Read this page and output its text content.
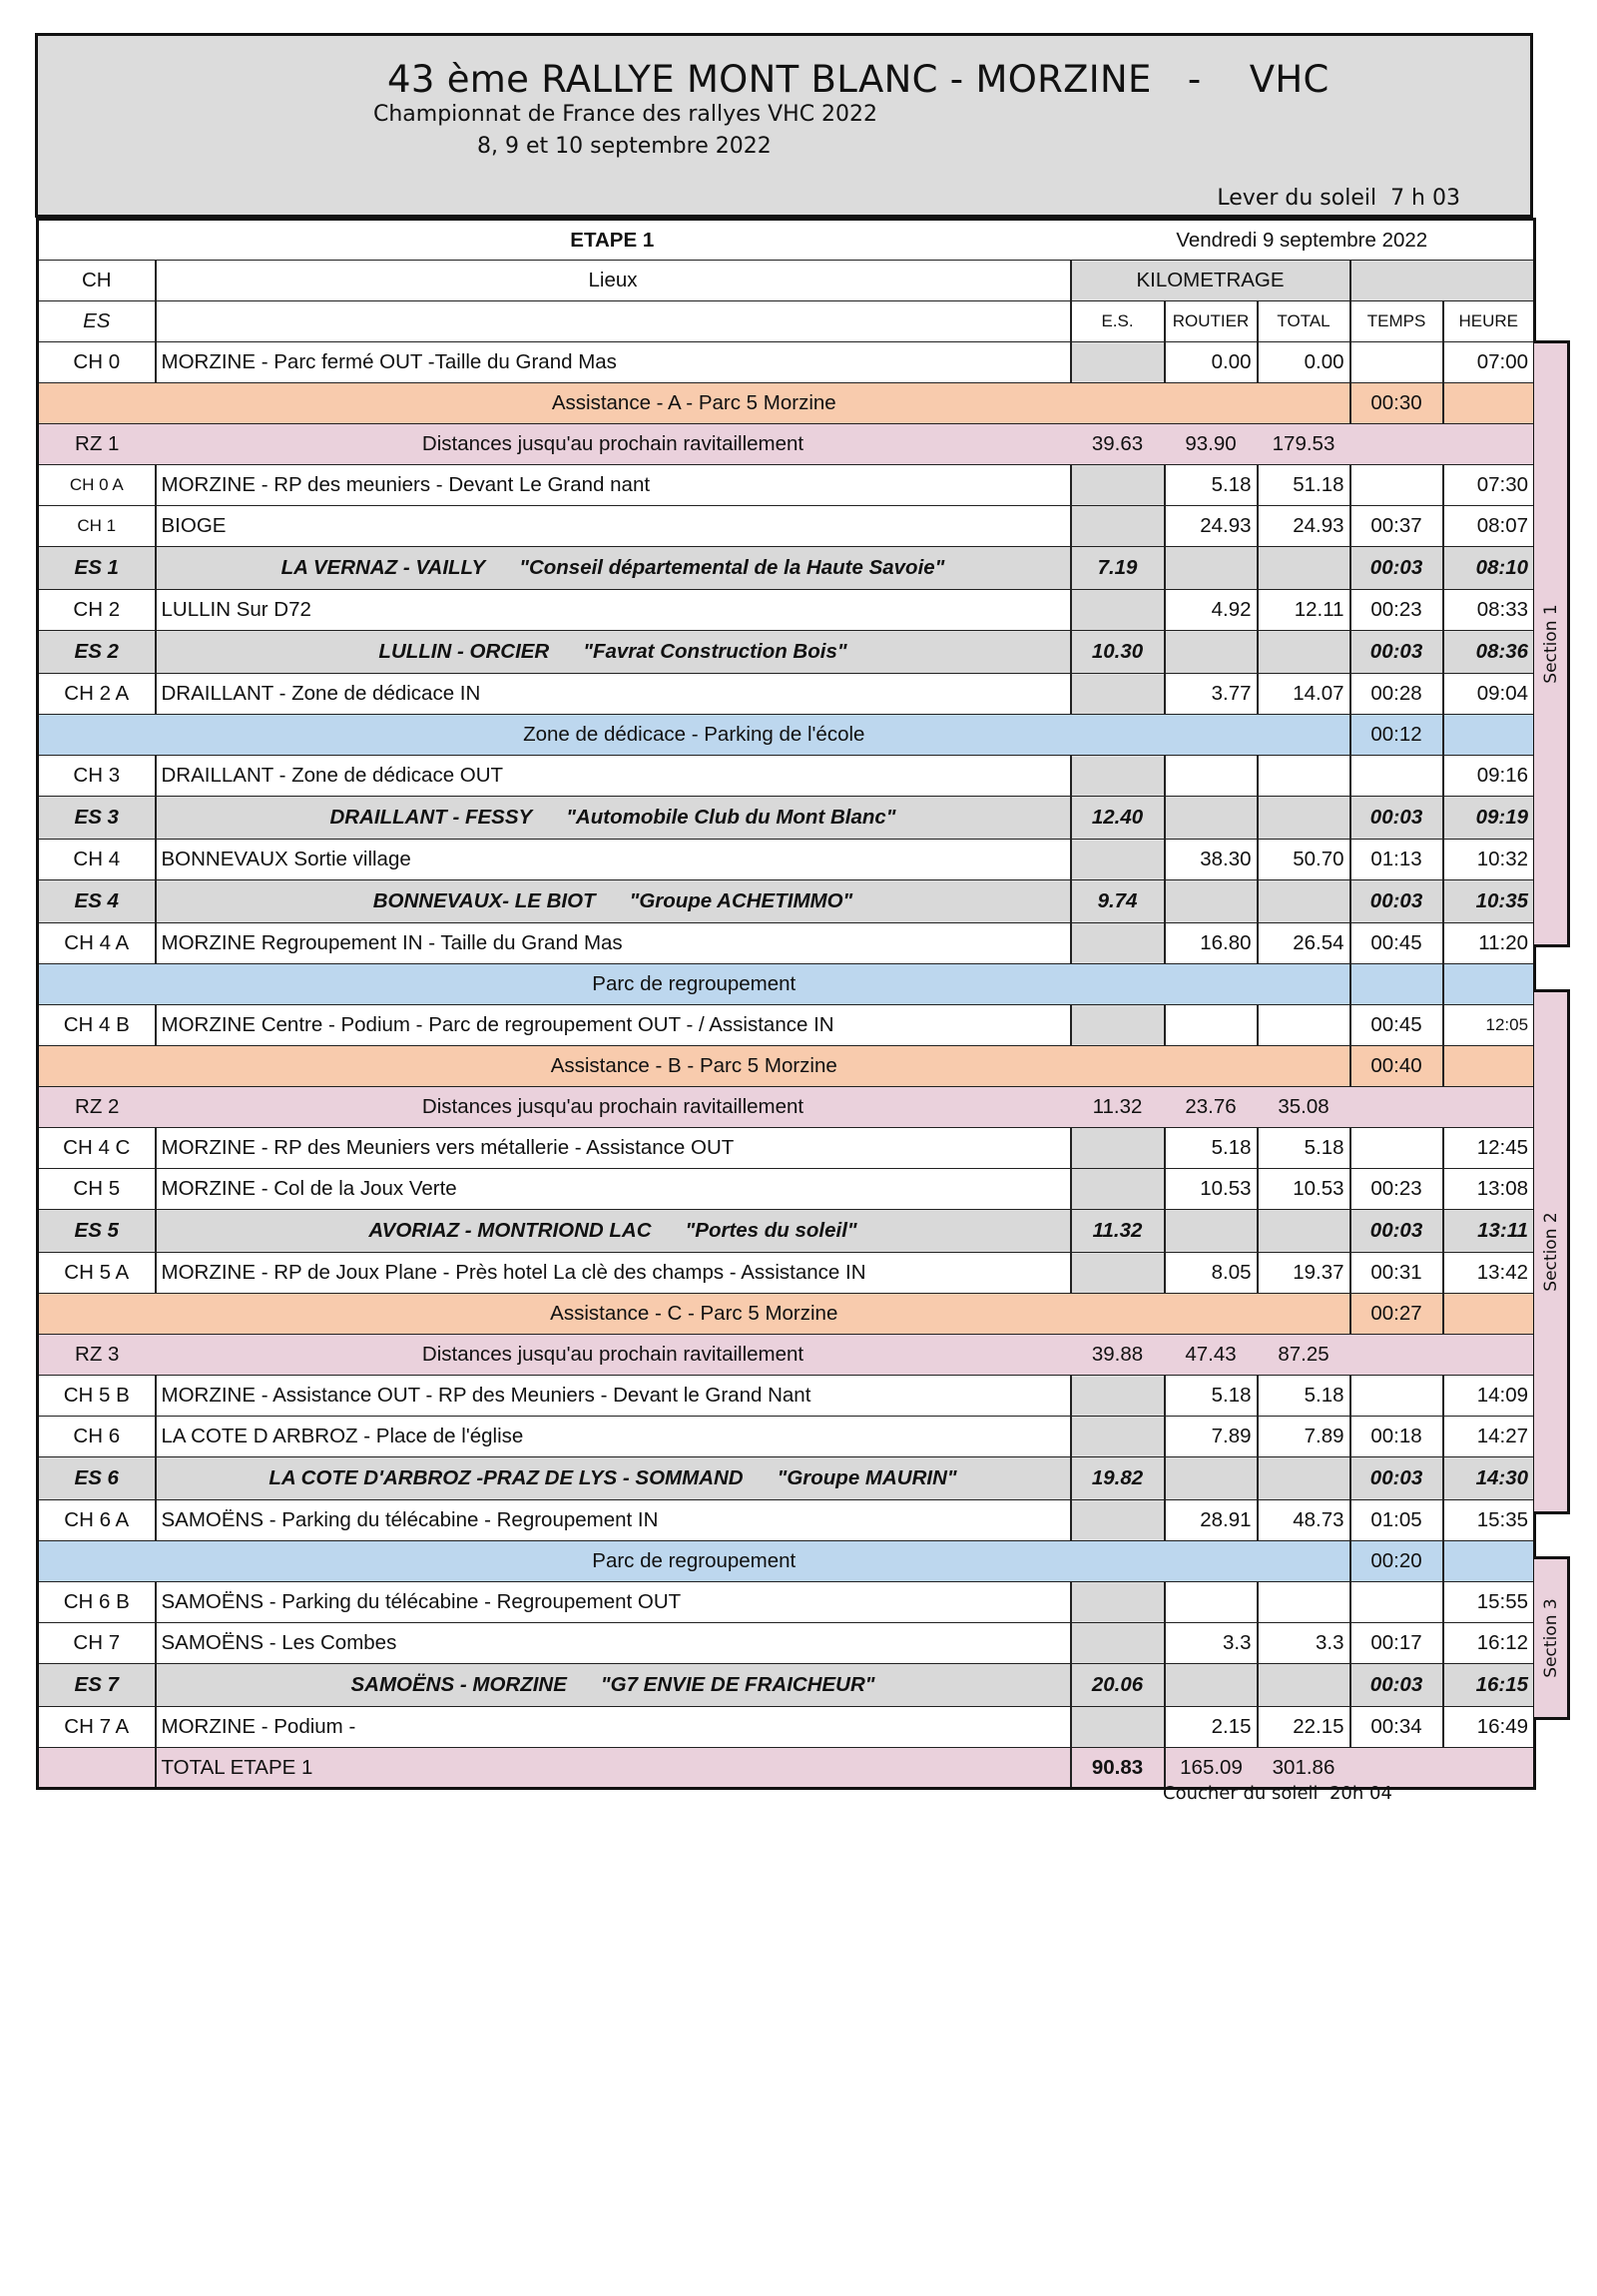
43 ème RALLYE MONT BLANC - MORZINE   -    VHC
Championnat de France des rallyes VHC 2022
8, 9 et 10 septembre 2022
Lever du soleil  7 h 03
ETAPE 1		Vendredi 9 septembre 2022				
CH	Lieux	KILOMETRAGE				
ES		E.S.	ROUTIER	TOTAL	TEMPS	HEURE
CH 0	MORZINE - Parc fermé OUT -Taille du Grand Mas		0.00	0.00		07:00
Assistance - A - Parc 5 Morzine					00:30	
RZ 1	Distances jusqu'au prochain ravitaillement	39.63	93.90	179.53		
CH 0 A	MORZINE - RP des meuniers - Devant Le Grand nant		5.18	51.18		07:30
CH 1	BIOGE		24.93	24.93	00:37	08:07
ES 1	LA VERNAZ - VAILLY "Conseil départemental de la Haute Savoie"	7.19			00:03	08:10
CH 2	LULLIN Sur D72		4.92	12.11	00:23	08:33
ES 2	LULLIN - ORCIER "Favrat Construction Bois"	10.30			00:03	08:36
CH 2 A	DRAILLANT - Zone de dédicace IN		3.77	14.07	00:28	09:04
Zone de dédicace - Parking de l'école					00:12	
CH 3	DRAILLANT - Zone de dédicace OUT					09:16
ES 3	DRAILLANT - FESSY "Automobile Club du Mont Blanc"	12.40			00:03	09:19
CH 4	BONNEVAUX Sortie village		38.30	50.70	01:13	10:32
ES 4	BONNEVAUX- LE BIOT "Groupe ACHETIMMO"	9.74			00:03	10:35
CH 4 A	MORZINE Regroupement IN - Taille du Grand Mas		16.80	26.54	00:45	11:20
Parc de regroupement						
CH 4 B	MORZINE Centre - Podium - Parc de regroupement OUT - / Assistance IN				00:45	12:05
Assistance - B - Parc 5 Morzine					00:40	
RZ 2	Distances jusqu'au prochain ravitaillement	11.32	23.76	35.08		
CH 4 C	MORZINE - RP des Meuniers vers métallerie - Assistance OUT		5.18	5.18		12:45
CH 5	MORZINE - Col de la Joux Verte		10.53	10.53	00:23	13:08
ES 5	AVORIAZ - MONTRIOND LAC "Portes du soleil"	11.32			00:03	13:11
CH 5 A	MORZINE - RP de Joux Plane - Près hotel La clè des champs - Assistance IN		8.05	19.37	00:31	13:42
Assistance - C - Parc 5 Morzine					00:27	
RZ 3	Distances jusqu'au prochain ravitaillement	39.88	47.43	87.25		
CH 5 B	MORZINE - Assistance OUT - RP des Meuniers - Devant le Grand Nant		5.18	5.18		14:09
CH 6	LA COTE D ARBROZ - Place de l'église		7.89	7.89	00:18	14:27
ES 6	LA COTE D'ARBROZ -PRAZ DE LYS - SOMMAND "Groupe MAURIN"	19.82			00:03	14:30
CH 6 A	SAMOËNS - Parking du télécabine - Regroupement IN		28.91	48.73	01:05	15:35
Parc de regroupement					00:20	
CH 6 B	SAMOËNS - Parking du télécabine - Regroupement OUT					15:55
CH 7	SAMOËNS - Les Combes		3.3	3.3	00:17	16:12
ES 7	SAMOËNS - MORZINE "G7 ENVIE DE FRAICHEUR"	20.06			00:03	16:15
CH 7 A	MORZINE - Podium -		2.15	22.15	00:34	16:49
	TOTAL ETAPE 1	90.83	165.09	301.86		
Section 1
Section 2
Section 3
Coucher du soleil  20h 04
